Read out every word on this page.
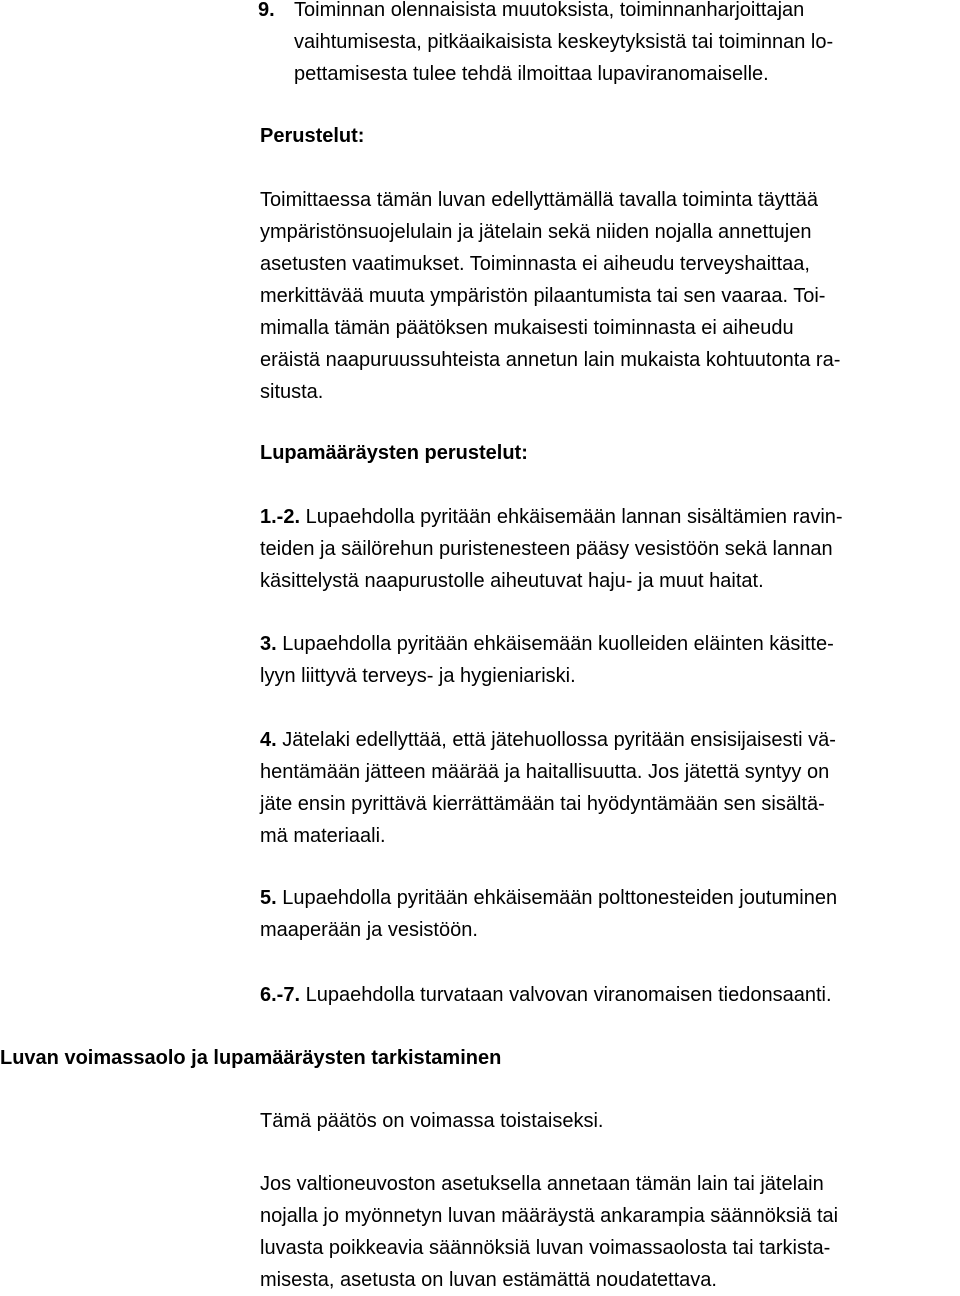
9. Toiminnan olennaisista muutoksista, toiminnanharjoittajan
vaihtumisesta, pitkäaikaisista keskeytyksistä tai toiminnan lo-
pettamisesta tulee tehdä ilmoittaa lupaviranomaiselle.
Perustelut:
Toimittaessa tämän luvan edellyttämällä tavalla toiminta täyttää
ympäristönsuojelulain ja jätelain sekä niiden nojalla annettujen
asetusten vaatimukset. Toiminnasta ei aiheudu terveyshaittaa,
merkittävää muuta ympäristön pilaantumista tai sen vaaraa. Toi-
mimalla tämän päätöksen mukaisesti toiminnasta ei aiheudu
eräistä naapuruussuhteista annetun lain mukaista kohtuutonta ra-
situsta.
Lupamääräysten perustelut:
1.-2. Lupaehdolla pyritään ehkäisemään lannan sisältämien ravin-
teiden ja säilörehun puristenesteen pääsy vesistöön sekä lannan
käsittelystä naapurustolle aiheutuvat haju- ja muut haitat.
3. Lupaehdolla pyritään ehkäisemään kuolleiden eläinten käsitte-
lyyn liittyvä terveys- ja hygieniariski.
4. Jätelaki edellyttää, että jätehuollossa pyritään ensisijaisesti vä-
hentämään jätteen määrää ja haitallisuutta. Jos jätettä syntyy on
jäte ensin pyrittävä kierrättämään tai hyödyntämään sen sisältä-
mä materiaali.
5. Lupaehdolla pyritään ehkäisemään polttonesteiden joutuminen
maaperään ja vesistöön.
6.-7. Lupaehdolla turvataan valvovan viranomaisen tiedonsaanti.
Luvan voimassaolo ja lupamääräysten tarkistaminen
Tämä päätös on voimassa toistaiseksi.
Jos valtioneuvoston asetuksella annetaan tämän lain tai jätelain
nojalla jo myönnetyn luvan määräystä ankarampia säännöksiä tai
luvasta poikkeavia säännöksiä luvan voimassaolosta tai tarkista-
misesta, asetusta on luvan estämättä noudatettava.
